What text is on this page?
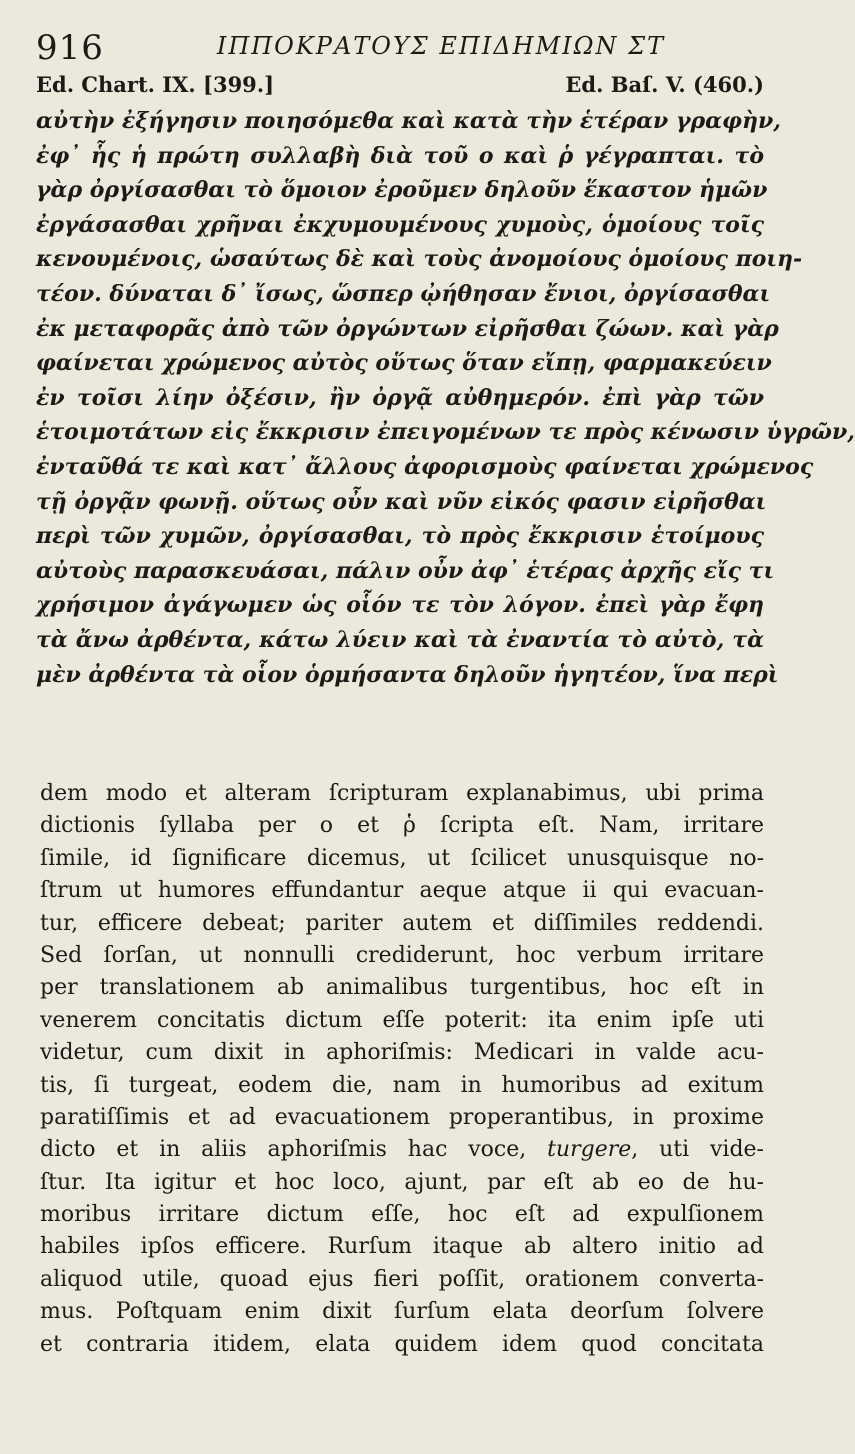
916	ΙΠΠΟΚΡΑΤΟΥΣ ΕΠΙΔΗΜΙΩΝ ΣΤ
Ed. Chart. IX. [399.]	Ed. Baſ. V. (460.)
αὐτὴν ἐξήγησιν ποιησόμεθα καὶ κατὰ τὴν ἑτέραν γραφὴν,
ἐφ᾽ ἧς ἡ πρώτη συλλαβὴ διὰ τοῦ ο καὶ ῥ γέγραπται. τὸ
γὰρ ὀργίσασθαι τὸ ὅμοιον ἐροῦμεν δηλοῦν ἕκαστον ἡμῶν
ἐργάσασθαι χρῆναι ἐκχυμουμένους χυμοὺς, ὁμοίους τοῖς
κενουμένοις, ὡσαύτως δὲ καὶ τοὺς ἀνομοίους ὁμοίους ποιη-
τέον. δύναται δ᾽ ἴσως, ὥσπερ ᾠήθησαν ἔνιοι, ὀργίσασθαι
ἐκ μεταφορᾶς ἀπὸ τῶν ὀργώντων εἰρῆσθαι ζώων. καὶ γὰρ
φαίνεται χρώμενος αὐτὸς οὕτως ὅταν εἴπῃ, φαρμακεύειν
ἐν τοῖσι λίην ὀξέσιν, ἢν ὀργᾷ αὐθημερόν. ἐπὶ γὰρ τῶν
ἑτοιμοτάτων εἰς ἔκκρισιν ἐπειγομένων τε πρὸς κένωσιν ὑγρῶν,
ἐνταῦθά τε καὶ κατ᾽ ἄλλους ἀφορισμοὺς φαίνεται χρώμενος
τῇ ὀργᾷν φωνῇ. οὕτως οὖν καὶ νῦν εἰκός φασιν εἰρῆσθαι
περὶ τῶν χυμῶν, ὀργίσασθαι, τὸ πρὸς ἔκκρισιν ἑτοίμους
αὐτοὺς παρασκευάσαι, πάλιν οὖν ἀφ᾽ ἑτέρας ἀρχῆς εἴς τι
χρήσιμον ἀγάγωμεν ὡς οἷόν τε τὸν λόγον. ἐπεὶ γὰρ ἔφη
τὰ ἄνω ἀρθέντα, κάτω λύειν καὶ τὰ ἐναντία τὸ αὐτὸ, τὰ
μὲν ἀρθέντα τὰ οἷον ὁρμήσαντα δηλοῦν ἡγητέον, ἵνα περὶ
dem modo et alteram ſcripturam explanabimus, ubi prima
dictionis ſyllaba per ο et ῥ ſcripta eſt. Nam, irritare
ſimile, id ſignificare dicemus, ut ſcilicet unusquisque no-
ſtrum ut humores effundantur aeque atque ii qui evacuan-
tur, efficere debeat; pariter autem et diſſimiles reddendi.
Sed ſorſan, ut nonnulli crediderunt, hoc verbum irritare
per translationem ab animalibus turgentibus, hoc eſt in
venerem concitatis dictum eſſe poterit: ita enim ipſe uti
videtur, cum dixit in aphoriſmis: Medicari in valde acu-
tis, ſi turgeat, eodem die, nam in humoribus ad exitum
paratiſſimis et ad evacuationem properantibus, in proxime
dicto et in aliis aphoriſmis hac voce, turgere, uti vide-
ſtur. Ita igitur et hoc loco, ajunt, par eſt ab eo de hu-
moribus irritare dictum eſſe, hoc eſt ad expulſionem
habiles ipſos efficere. Rurſum itaque ab altero initio ad
aliquod utile, quoad ejus fieri poſſit, orationem converta-
mus. Poſtquam enim dixit ſurſum elata deorſum ſolvere
et contraria itidem, elata quidem idem quod concitata
